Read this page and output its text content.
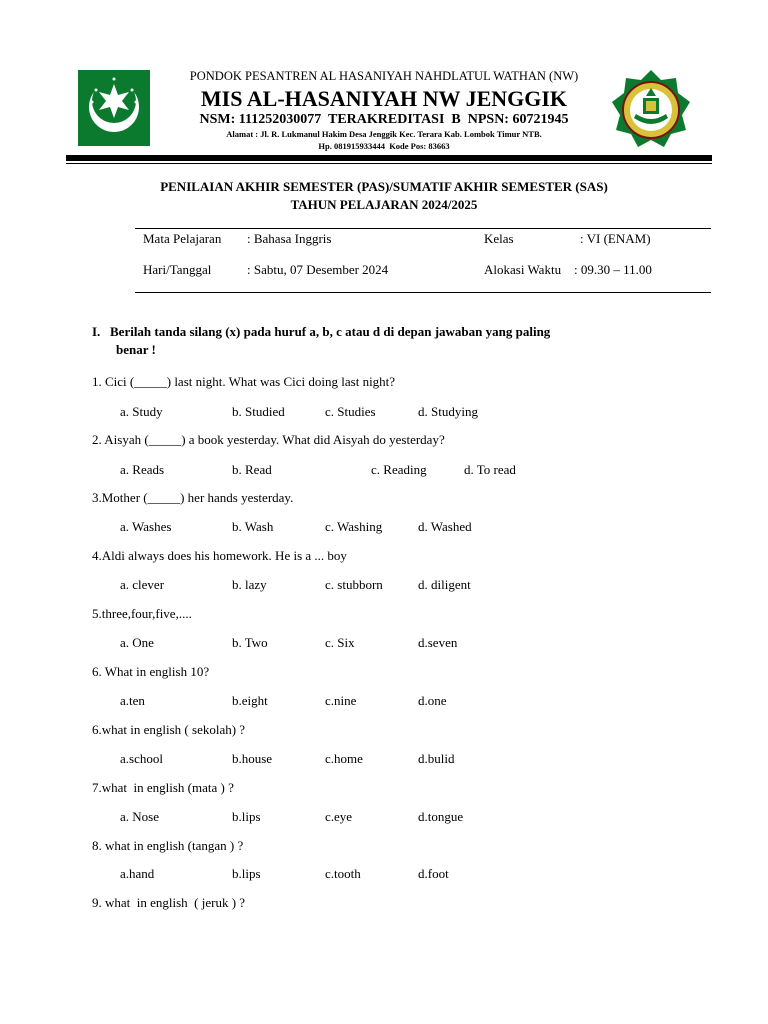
PONDOK PESANTREN AL HASANIYAH NAHDLATUL WATHAN (NW)
MIS AL-HASANIYAH NW JENGGIK
NSM: 111252030077  TERAKREDITASI  B  NPSN: 60721945
Alamat : Jl. R. Lukmanul Hakim Desa Jenggik Kec. Terara Kab. Lombok Timur NTB.
Hp. 081915933444  Kode Pos: 83663
PENILAIAN AKHIR SEMESTER (PAS)/SUMATIF AKHIR SEMESTER (SAS)
TAHUN PELAJARAN 2024/2025
Mata Pelajaran : Bahasa Inggris	Kelas	: VI (ENAM)
Hari/Tanggal	: Sabtu, 07 Desember 2024	Alokasi Waktu : 09.30 – 11.00
I. Berilah tanda silang (x) pada huruf a, b, c atau d di depan jawaban yang paling
benar !
1. Cici (_____) last night. What was Cici doing last night?
a. Study	b. Studied	c. Studies	d. Studying
2. Aisyah (_____) a book yesterday. What did Aisyah do yesterday?
a. Reads	b. Read	c. Reading	d. To read
3.Mother (_____) her hands yesterday.
a. Washes	b. Wash	c. Washing	d. Washed
4.Aldi always does his homework. He is a ... boy
a. clever	b. lazy	c. stubborn	d. diligent
5.three,four,five,....
a. One	b. Two	c. Six	d.seven
6. What in english 10?
a.ten	b.eight	c.nine	d.one
6.what in english ( sekolah) ?
a.school	b.house	c.home	d.bulid
7.what  in english (mata ) ?
a. Nose	b.lips	c.eye	d.tongue
8. what in english (tangan ) ?
a.hand	b.lips	c.tooth	d.foot
9. what  in english  ( jeruk ) ?
